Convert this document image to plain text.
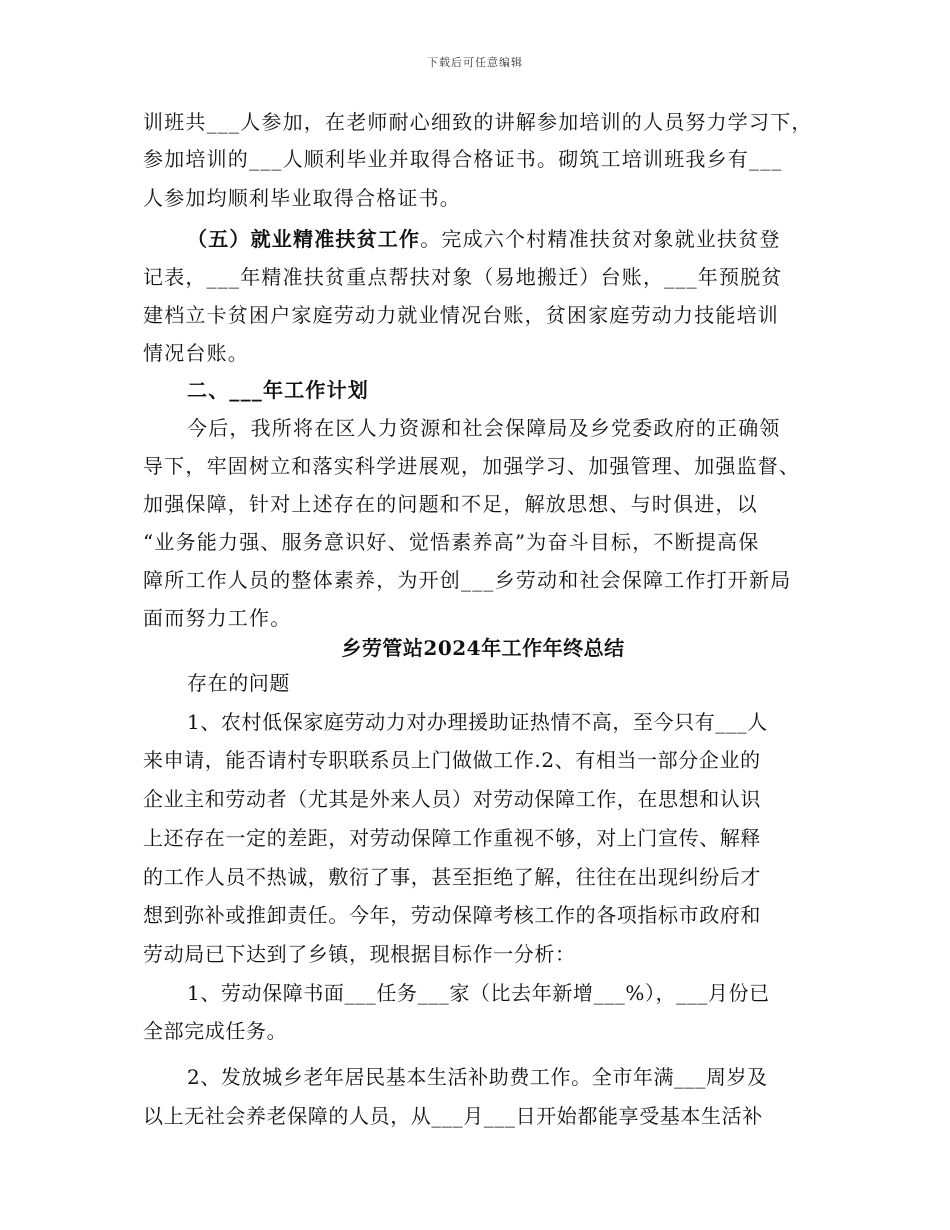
下载后可任意编辑
训班共___人参加，在老师耐心细致的讲解参加培训的人员努力学习下，
参加培训的___人顺利毕业并取得合格证书。砌筑工培训班我乡有___
人参加均顺利毕业取得合格证书。
（五）就业精准扶贫工作。完成六个村精准扶贫对象就业扶贫登
记表，___年精准扶贫重点帮扶对象（易地搬迁）台账，___年预脱贫
建档立卡贫困户家庭劳动力就业情况台账，贫困家庭劳动力技能培训
情况台账。
二、___年工作计划
今后，我所将在区人力资源和社会保障局及乡党委政府的正确领
导下，牢固树立和落实科学进展观，加强学习、加强管理、加强监督、
加强保障，针对上述存在的问题和不足，解放思想、与时俱进，以
“业务能力强、服务意识好、觉悟素养高”为奋斗目标，不断提高保
障所工作人员的整体素养，为开创___乡劳动和社会保障工作打开新局
面而努力工作。
乡劳管站2024年工作年终总结
存在的问题
1、农村低保家庭劳动力对办理援助证热情不高，至今只有___人
来申请，能否请村专职联系员上门做做工作.2、有相当一部分企业的
企业主和劳动者（尤其是外来人员）对劳动保障工作，在思想和认识
上还存在一定的差距，对劳动保障工作重视不够，对上门宣传、解释
的工作人员不热诚，敷衍了事，甚至拒绝了解，往往在出现纠纷后才
想到弥补或推卸责任。今年，劳动保障考核工作的各项指标市政府和
劳动局已下达到了乡镇，现根据目标作一分析：
1、劳动保障书面___任务___家（比去年新增___%），___月份已
全部完成任务。
2、发放城乡老年居民基本生活补助费工作。全市年满___周岁及
以上无社会养老保障的人员，从___月___日开始都能享受基本生活补
